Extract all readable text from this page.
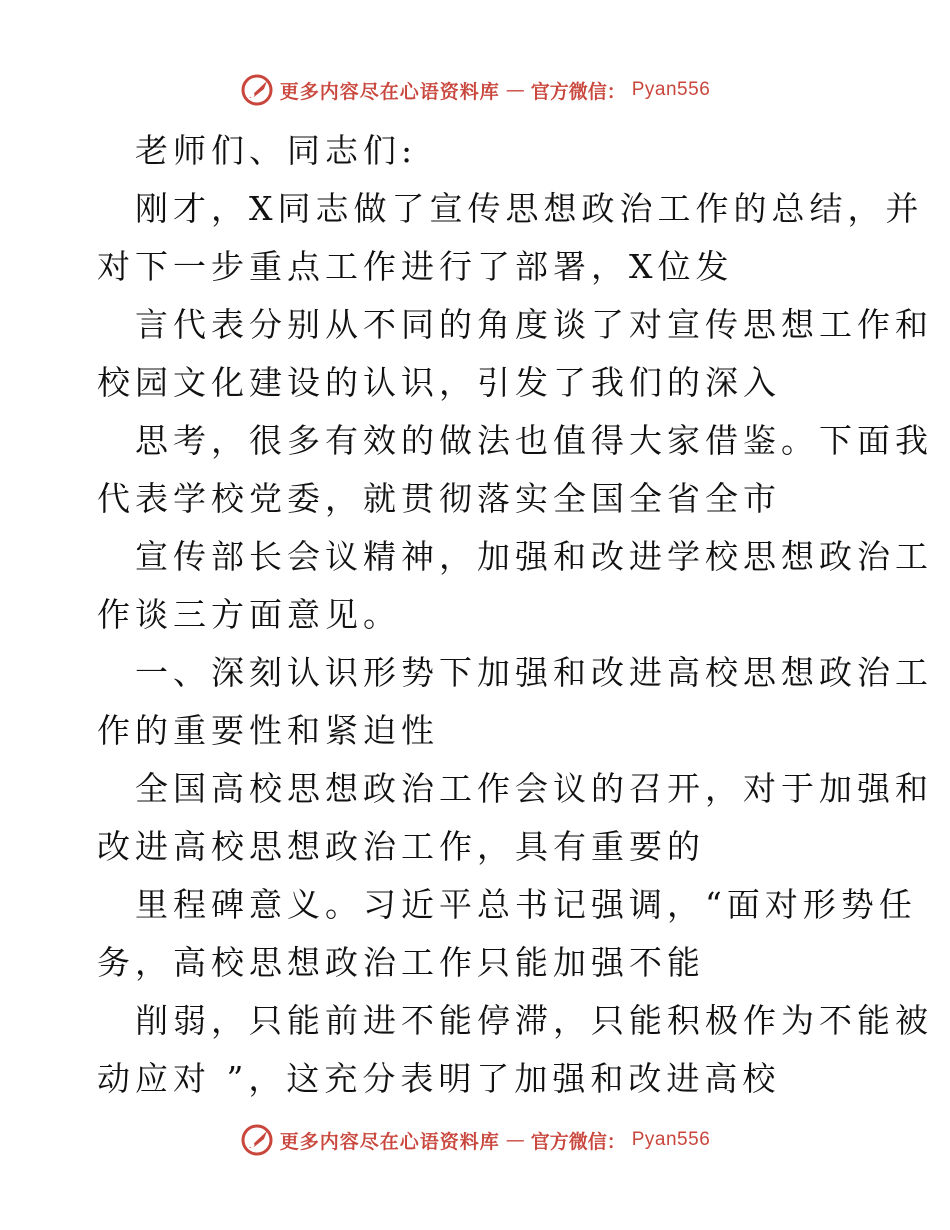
更多内容尽在心语资料库 — 官方微信： Pyan556
老师们、同志们:
刚才，X同志做了宣传思想政治工作的总结，并
对下一步重点工作进行了部署，X位发
言代表分别从不同的角度谈了对宣传思想工作和
校园文化建设的认识，引发了我们的深入
思考，很多有效的做法也值得大家借鉴。下面我
代表学校党委，就贯彻落实全国全省全市
宣传部长会议精神，加强和改进学校思想政治工
作谈三方面意见。
一、深刻认识形势下加强和改进高校思想政治工
作的重要性和紧迫性
全国高校思想政治工作会议的召开，对于加强和
改进高校思想政治工作，具有重要的
里程碑意义。习近平总书记强调，“面对形势任
务，高校思想政治工作只能加强不能
削弱，只能前进不能停滞，只能积极作为不能被
动应对 ”，这充分表明了加强和改进高校
更多内容尽在心语资料库 — 官方微信： Pyan556
